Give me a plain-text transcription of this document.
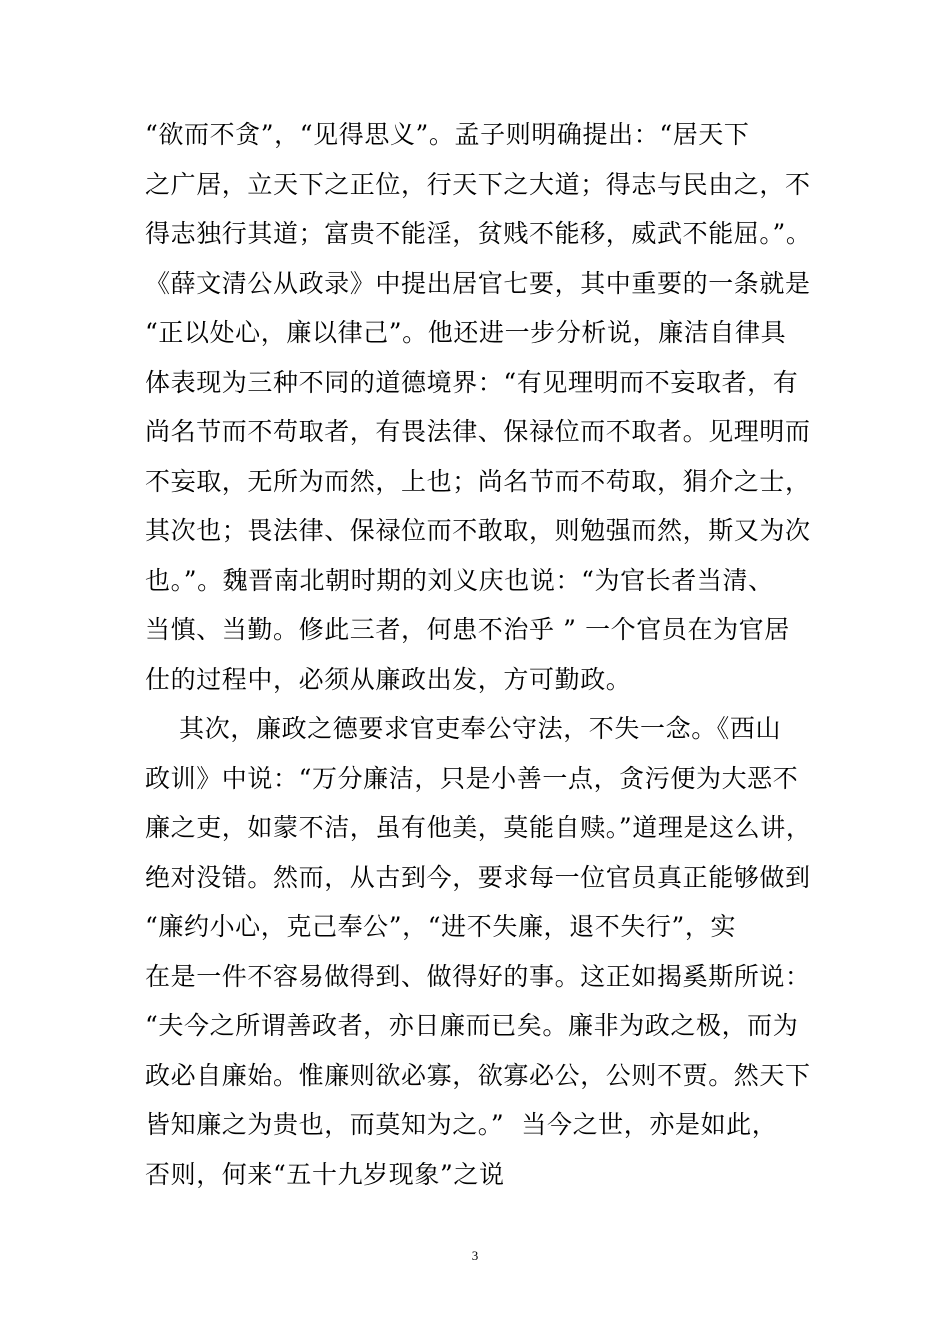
“欲而不贪”，“见得思义”。孟子则明确提出：“居天下
之广居，立天下之正位，行天下之大道；得志与民由之，不
得志独行其道；富贵不能淫，贫贱不能移，威武不能屈。”。
《薛文清公从政录》中提出居官七要，其中重要的一条就是
“正以处心，廉以律己”。他还进一步分析说，廉洁自律具
体表现为三种不同的道德境界：“有见理明而不妄取者，有
尚名节而不苟取者，有畏法律、保禄位而不取者。见理明而
不妄取，无所为而然，上也；尚名节而不苟取，狷介之士，
其次也；畏法律、保禄位而不敢取，则勉强而然，斯又为次
也。”。魏晋南北朝时期的刘义庆也说：“为官长者当清、
当慎、当勤。修此三者，何患不治乎 ” 一个官员在为官居
仕的过程中，必须从廉政出发，方可勤政。
其次，廉政之德要求官吏奉公守法，不失一念。《西山
政训》中说：“万分廉洁，只是小善一点，贪污便为大恶不
廉之吏，如蒙不洁，虽有他美，莫能自赎。”道理是这么讲，
绝对没错。然而，从古到今，要求每一位官员真正能够做到
“廉约小心，克己奉公”，“进不失廉，退不失行”，实
在是一件不容易做得到、做得好的事。这正如揭奚斯所说：
“夫今之所谓善政者，亦日廉而已矣。廉非为政之极，而为
政必自廉始。惟廉则欲必寡，欲寡必公，公则不贾。然天下
皆知廉之为贵也，而莫知为之。”  当今之世，亦是如此，
否则，何来“五十九岁现象”之说
3
